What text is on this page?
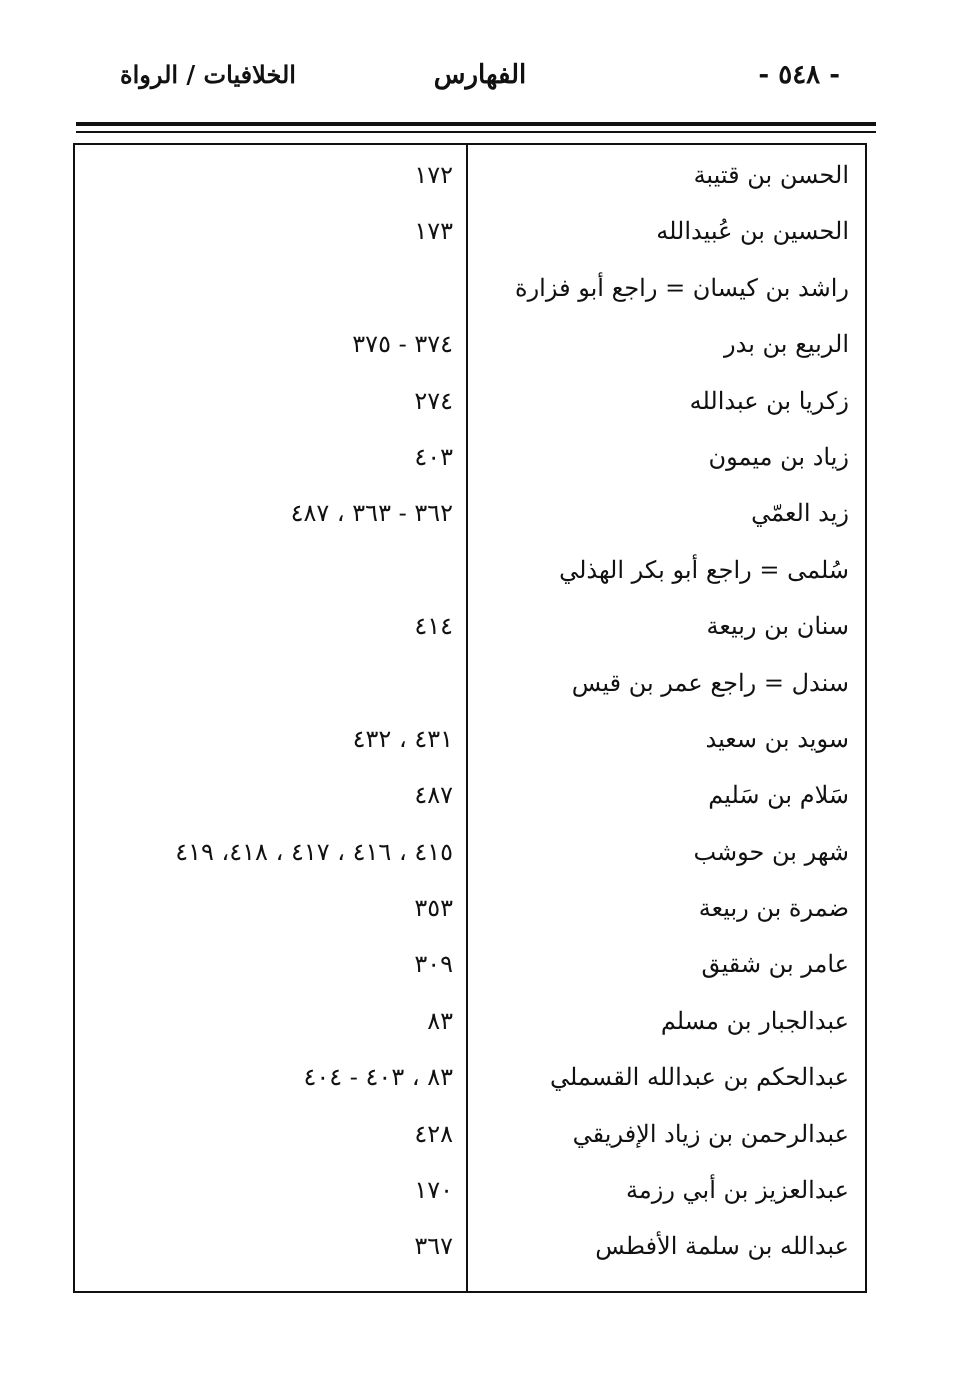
- ٥٤٨ -
الفهارس
الخلافيات / الرواة
الحسن بن قتيبة
١٧٢
الحسين بن عُبيدالله
١٧٣
راشد بن كيسان = راجع أبو فزارة
الربيع بن بدر
٣٧٤ - ٣٧٥
زكريا بن عبدالله
٢٧٤
زياد بن ميمون
٤٠٣
زيد العمّي
٣٦٢ - ٣٦٣ ، ٤٨٧
سُلمى = راجع أبو بكر الهذلي
سنان بن ربيعة
٤١٤
سندل = راجع عمر بن قيس
سويد بن سعيد
٤٣١ ، ٤٣٢
سَلام بن سَليم
٤٨٧
شهر بن حوشب
٤١٥ ، ٤١٦ ، ٤١٧ ، ٤١٨، ٤١٩
ضمرة بن ربيعة
٣٥٣
عامر بن شقيق
٣٠٩
عبدالجبار بن مسلم
٨٣
عبدالحكم بن عبدالله القسملي
٨٣ ، ٤٠٣ - ٤٠٤
عبدالرحمن بن زياد الإفريقي
٤٢٨
عبدالعزيز بن أبي رزمة
١٧٠
عبدالله بن سلمة الأفطس
٣٦٧
